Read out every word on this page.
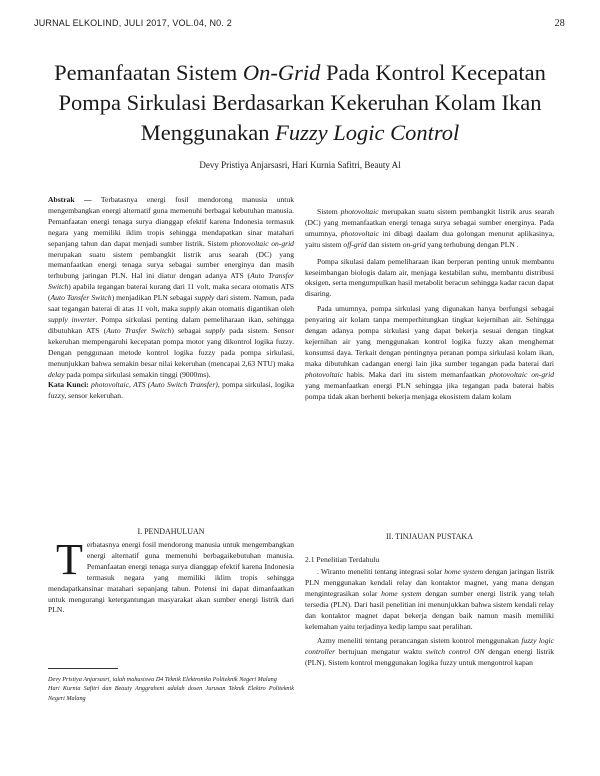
JURNAL ELKOLIND, JULI 2017, VOL.04, N0. 2	28
Pemanfaatan Sistem On-Grid Pada Kontrol Kecepatan
Pompa Sirkulasi Berdasarkan Kekeruhan Kolam Ikan
Menggunakan Fuzzy Logic Control
Devy Pristiya Anjarsasri, Hari Kurnia Safitri, Beauty Al

Abstrak — Terbatasnya energi fosil mendorong manusia untuk mengembangkan energi alternatif guna memenuhi berbagai kebutuhan manusia. Pemanfaatan energi tenaga surya dianggap efektif karena Indonesia termasuk negara yang memiliki iklim tropis sehingga mendapatkan sinar matahari sepanjang tahun dan dapat menjadi sumber listrik. Sistem photovoltaic on-grid merupakan suatu sistem pembangkit listrik arus searah (DC) yang memanfaatkan energi tenaga surya sebagai sumber energinya dan masih terhubung jaringan PLN. Hal ini diatur dengan adanya ATS (Auto Transfer Switch) apabila tegangan baterai kurang dari 11 volt, maka secara otomatis ATS (Auto Tansfer Switch) menjadikan PLN sebagai supply dari sistem. Namun, pada saat tegangan baterai di atas 11 volt, maka supply akan otomatis digantikan oleh supply inverter. Pompa sirkulasi penting dalam pemeliharaan ikan, sehingga dibutuhkan ATS (Auto Trasfer Switch) sebagai supply pada sistem. Sensor kekeruhan mempengaruhi kecepatan pompa motor yang dikontrol logika fuzzy. Dengan penggunaan metode kontrol logika fuzzy pada pompa sirkulasi, menunjukkan bahwa semakin besar nilai kekeruhan (mencapai 2,63 NTU) maka delay pada pompa sirkulasi semakin tinggi (9000ms).

Kata Kunci: photovoltaic, ATS (Auto Switch Transfer), pompa sirkulasi, logika fuzzy, sensor kekeruhan.

I. PENDAHULUAN
Terbatasnya energi fosil mendorong manusia untuk mengembangkan energi alternatif guna memenuhi berbagaikebutuhan manusia. Pemanfaatan energi tenaga surya dianggap efektif karena Indonesia termasuk negara yang memiliki iklim tropis sehingga mendapatkansinar matahari sepanjang tahun. Potensi ini dapat dimanfaatkan untuk mengurangi ketergantungan masyarakat akan sumber energi listrik dari PLN.
Devy Pristiya Anjarsasri, ialah mahasiswa D4 Teknik Elektronika Politeknik Negeri Malang
Hari Kurnia Safitri dan Beauty Anggraheni adalah dosen Jurusan Teknik Elektro Politeknik Negeri Malang

Sistem photovoltaic merupakan suatu sistem pembangkit listrik arus searah (DC) yang memanfaatkan energi tenaga surya sebagai sumber energinya. Pada umumnya, photovoltaic ini dibagi daalam dua golongan menurut aplikasinya, yaitu sistem off-grid dan sistem on-grid yang terhubung dengan PLN .

Pompa sikulasi dalam pemeliharaan ikan berperan penting untuk membantu keseimbangan biologis dalam air, menjaga kestabilan suhu, membantu distribusi oksigen, serta mengumpulkan hasil metabolit beracun sehingga kadar racun dapat disaring.

Pada umumnya, pompa sirkulasi yang digunakan hanya berfungsi sebagai penyaring air kolam tanpa memperhitungkan tingkat kejernihan air. Sehingga dengan adanya pompa sirkulasi yang dapat bekerja sesuai dengan tingkat kejernihan air yang menggunakan kontrol logika fuzzy akan menghemat konsumsi daya. Terkait dengan pentingnya peranan pompa sirkulasi kolam ikan, maka dibutuhkan cadangan energi lain jika sumber tegangan pada baterai dari photovoltaic habis. Maka dari itu sistem memanfaatkan photovoltaic on-grid yang memanfaatkan energi PLN sehingga jika tegangan pada baterai habis pompa tidak akan berhenti bekerja menjaga ekosistem dalam kolam

II. TINJAUAN PUSTAKA
2.1 Penelitian Terdahulu

. Wiranto meneliti tentang integrasi solar home system dengan jaringan listrik PLN menggunakan kendali relay dan kontaktor magnet, yang mana dengan mengintegrasikan solar home system dengan sumber energi listrik yang telah tersedia (PLN). Dari hasil penelitian ini menunjukkan bahwa sistem kendali relay dan kontaktor magnet dapat bekerja dengan baik namun masih memiliki kelemahan yaitu terjadinya kedip lampu saat peralihan.

Azmy meneliti tentang perancangan sistem kontrol menggunakan fuzzy logic controller bertujuan mengatur waktu switch control ON dengan energi listrik (PLN). Sistem kontrol menggunakan logika fuzzy untuk mengontrol kapan
